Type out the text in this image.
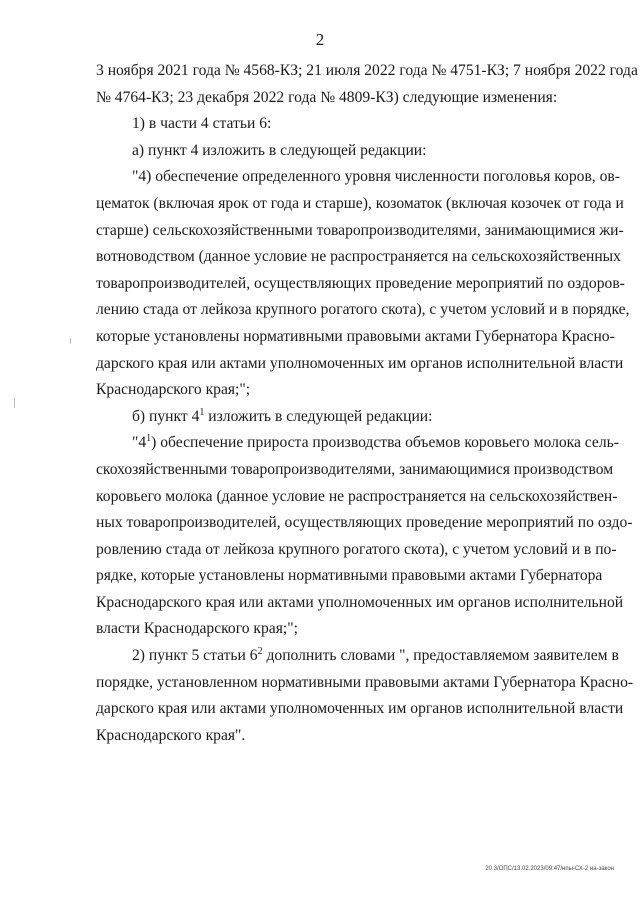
2
3 ноября 2021 года № 4568-КЗ; 21 июля 2022 года № 4751-КЗ; 7 ноября 2022 года
№ 4764-КЗ; 23 декабря 2022 года № 4809-КЗ) следующие изменения:
1) в части 4 статьи 6:
а) пункт 4 изложить в следующей редакции:
"4) обеспечение определенного уровня численности поголовья коров, ов-
цематок (включая ярок от года и старше), козоматок (включая козочек от года и
старше) сельскохозяйственными товаропроизводителями, занимающимися жи-
вотноводством (данное условие не распространяется на сельскохозяйственных
товаропроизводителей, осуществляющих проведение мероприятий по оздоров-
лению стада от лейкоза крупного рогатого скота), с учетом условий и в порядке,
которые установлены нормативными правовыми актами Губернатора Красно-
дарского края или актами уполномоченных им органов исполнительной власти
Краснодарского края;";
б) пункт $4^1$ изложить в следующей редакции:
"$4^1$) обеспечение прироста производства объемов коровьего молока сель-
скохозяйственными товаропроизводителями, занимающимися производством
коровьего молока (данное условие не распространяется на сельскохозяйствен-
ных товаропроизводителей, осуществляющих проведение мероприятий по оздо-
ровлению стада от лейкоза крупного рогатого скота), с учетом условий и в по-
рядке, которые установлены нормативными правовыми актами Губернатора
Краснодарского края или актами уполномоченных им органов исполнительной
власти Краснодарского края;";
2) пункт 5 статьи $6^2$ дополнить словами ", предоставляемом заявителем в
порядке, установленном нормативными правовыми актами Губернатора Красно-
дарского края или актами уполномоченных им органов исполнительной власти
Краснодарского края".
20.3/ОПС/13.02.2023/09:47/нпы-СХ-2 на-закон
